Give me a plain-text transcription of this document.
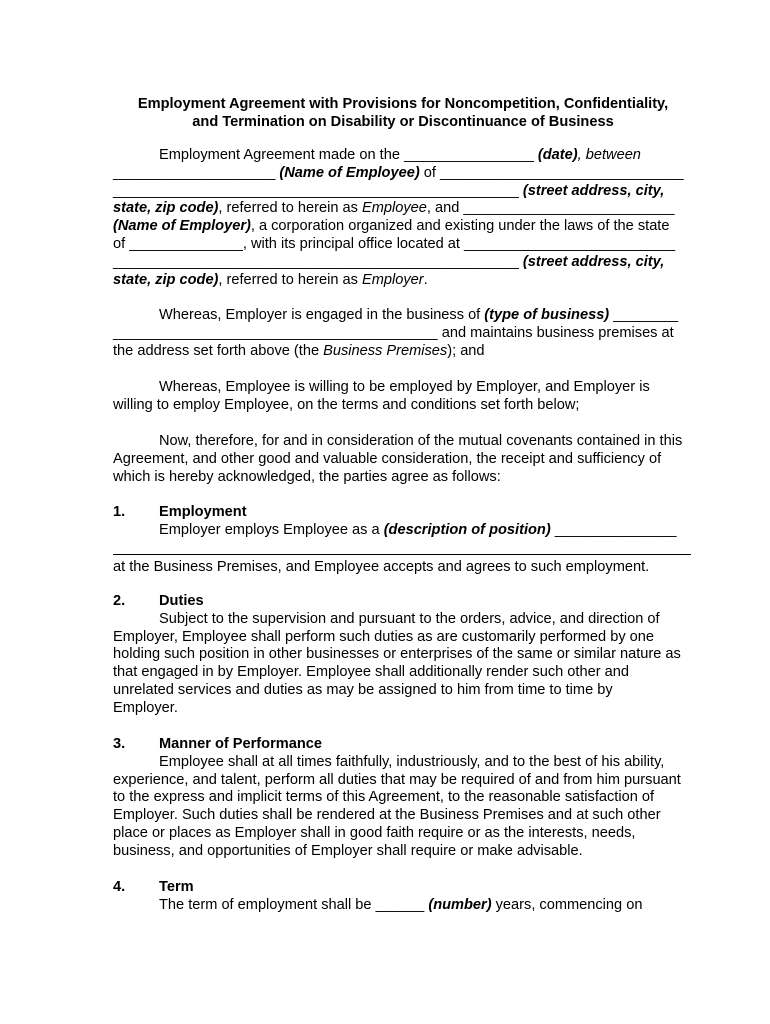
Employment Agreement with Provisions for Noncompetition, Confidentiality,
and Termination on Disability or Discontinuance of Business
Employment Agreement made on the ________________ (date), between
____________________ (Name of Employee) of ______________________________
__________________________________________________ (street address, city,
state, zip code), referred to herein as Employee, and __________________________
(Name of Employer), a corporation organized and existing under the laws of the state
of ______________, with its principal office located at __________________________
__________________________________________________ (street address, city,
state, zip code), referred to herein as Employer.
Whereas, Employer is engaged in the business of (type of business) ________
________________________________________ and maintains business premises at
the address set forth above (the Business Premises); and
Whereas, Employee is willing to be employed by Employer, and Employer is
willing to employ Employee, on the terms and conditions set forth below;
Now, therefore, for and in consideration of the mutual covenants contained in this
Agreement, and other good and valuable consideration, the receipt and sufficiency of
which is hereby acknowledged, the parties agree as follows:
1. Employment
Employer employs Employee as a (description of position) _______________
at the Business Premises, and Employee accepts and agrees to such employment.
2. Duties
Subject to the supervision and pursuant to the orders, advice, and direction of
Employer, Employee shall perform such duties as are customarily performed by one
holding such position in other businesses or enterprises of the same or similar nature as
that engaged in by Employer. Employee shall additionally render such other and
unrelated services and duties as may be assigned to him from time to time by
Employer.
3. Manner of Performance
Employee shall at all times faithfully, industriously, and to the best of his ability,
experience, and talent, perform all duties that may be required of and from him pursuant
to the express and implicit terms of this Agreement, to the reasonable satisfaction of
Employer. Such duties shall be rendered at the Business Premises and at such other
place or places as Employer shall in good faith require or as the interests, needs,
business, and opportunities of Employer shall require or make advisable.
4. Term
The term of employment shall be ______ (number) years, commencing on
